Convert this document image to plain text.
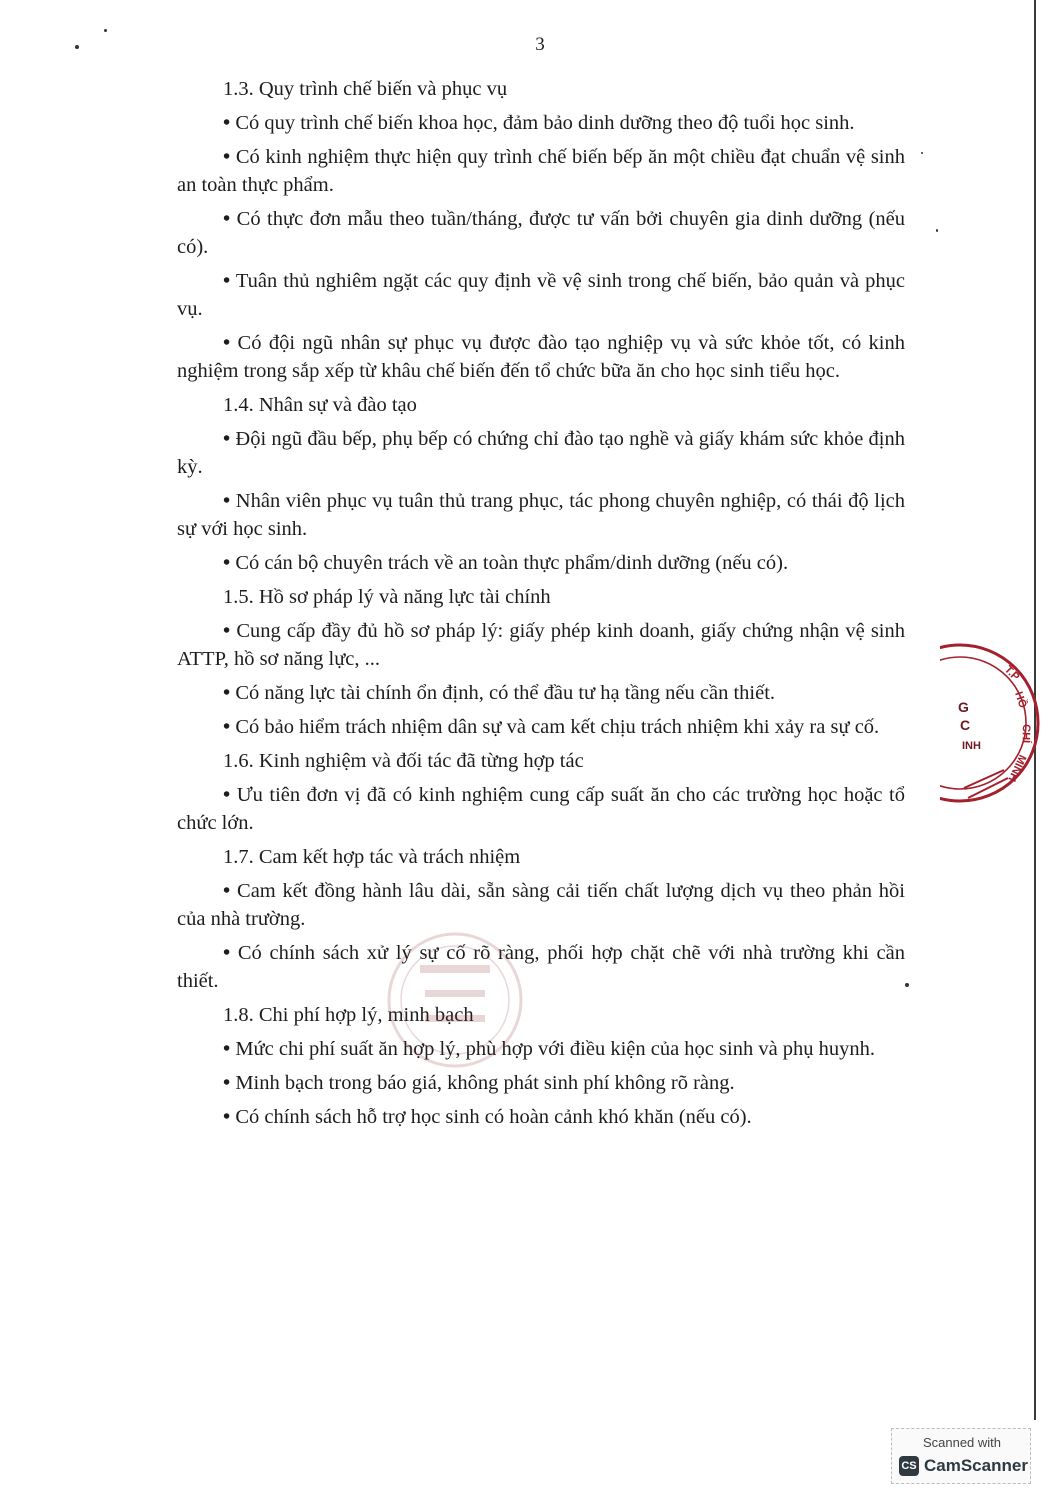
3

1.3. Quy trình chế biến và phục vụ

• Có quy trình chế biến khoa học, đảm bảo dinh dưỡng theo độ tuổi học sinh.

• Có kinh nghiệm thực hiện quy trình chế biến bếp ăn một chiều đạt chuẩn vệ sinh an toàn thực phẩm.

• Có thực đơn mẫu theo tuần/tháng, được tư vấn bởi chuyên gia dinh dưỡng (nếu có).

• Tuân thủ nghiêm ngặt các quy định về vệ sinh trong chế biến, bảo quản và phục vụ.

• Có đội ngũ nhân sự phục vụ được đào tạo nghiệp vụ và sức khỏe tốt, có kinh nghiệm trong sắp xếp từ khâu chế biến đến tổ chức bữa ăn cho học sinh tiểu học.

1.4. Nhân sự và đào tạo

• Đội ngũ đầu bếp, phụ bếp có chứng chỉ đào tạo nghề và giấy khám sức khỏe định kỳ.

• Nhân viên phục vụ tuân thủ trang phục, tác phong chuyên nghiệp, có thái độ lịch sự với học sinh.

• Có cán bộ chuyên trách về an toàn thực phẩm/dinh dưỡng (nếu có).

1.5. Hồ sơ pháp lý và năng lực tài chính

• Cung cấp đầy đủ hồ sơ pháp lý: giấy phép kinh doanh, giấy chứng nhận vệ sinh ATTP, hồ sơ năng lực, ...

• Có năng lực tài chính ổn định, có thể đầu tư hạ tầng nếu cần thiết.

• Có bảo hiểm trách nhiệm dân sự và cam kết chịu trách nhiệm khi xảy ra sự cố.

1.6. Kinh nghiệm và đối tác đã từng hợp tác

• Ưu tiên đơn vị đã có kinh nghiệm cung cấp suất ăn cho các trường học hoặc tổ chức lớn.

1.7. Cam kết hợp tác và trách nhiệm

• Cam kết đồng hành lâu dài, sẵn sàng cải tiến chất lượng dịch vụ theo phản hồi của nhà trường.

• Có chính sách xử lý sự cố rõ ràng, phối hợp chặt chẽ với nhà trường khi cần thiết.

1.8. Chi phí hợp lý, minh bạch

• Mức chi phí suất ăn hợp lý, phù hợp với điều kiện của học sinh và phụ huynh.

• Minh bạch trong báo giá, không phát sinh phí không rõ ràng.

• Có chính sách hỗ trợ học sinh có hoàn cảnh khó khăn (nếu có).

T.P
HỒ
CHÍ
MINH
G
C
INH
Scanned with
CS CamScanner
